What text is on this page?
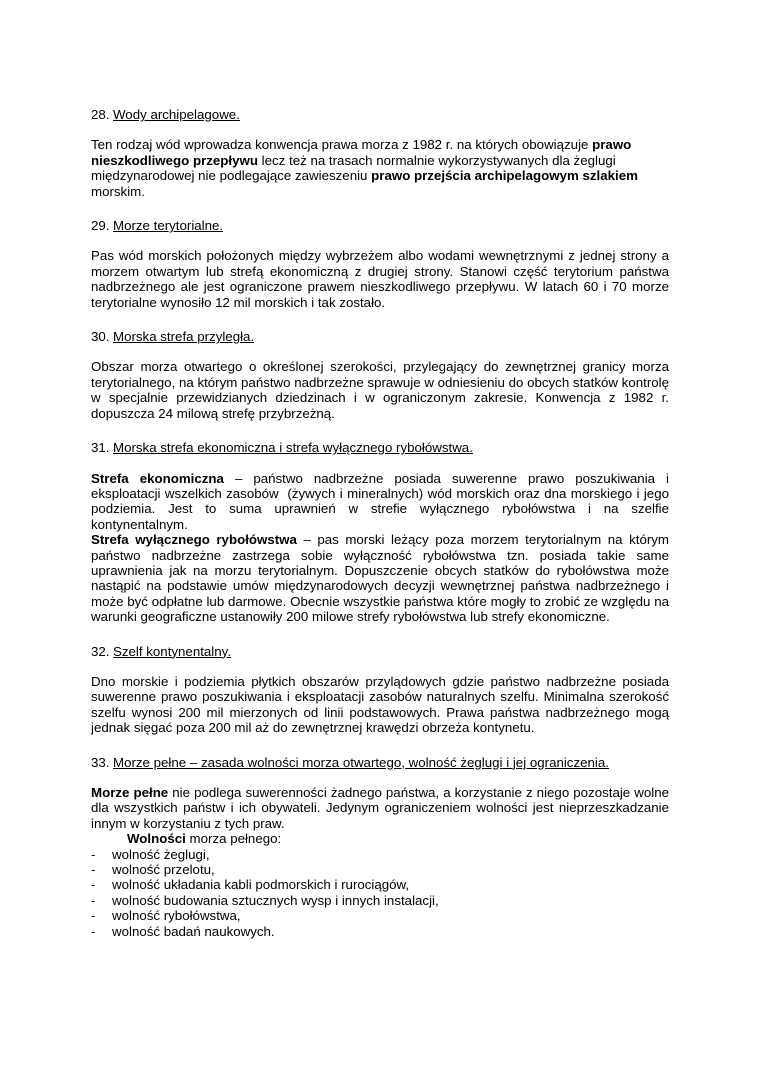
28. Wody archipelagowe.

Ten rodzaj wód wprowadza konwencja prawa morza z 1982 r. na których obowiązuje prawo nieszkodliwego przepływu lecz też na trasach normalnie wykorzystywanych dla żeglugi międzynarodowej nie podlegające zawieszeniu prawo przejścia archipelagowym szlakiem morskim.

29. Morze terytorialne.

Pas wód morskich położonych między wybrzeżem albo wodami wewnętrznymi z jednej strony a morzem otwartym lub strefą ekonomiczną z drugiej strony. Stanowi część terytorium państwa nadbrzeżnego ale jest ograniczone prawem nieszkodliwego przepływu. W latach 60 i 70 morze terytorialne wynosiło 12 mil morskich i tak zostało.

30. Morska strefa przyległa.

Obszar morza otwartego o określonej szerokości, przylegający do zewnętrznej granicy morza terytorialnego, na którym państwo nadbrzeżne sprawuje w odniesieniu do obcych statków kontrolę w specjalnie przewidzianych dziedzinach i w ograniczonym zakresie. Konwencja z 1982 r. dopuszcza 24 milową strefę przybrzeżną.

31. Morska strefa ekonomiczna i strefa wyłącznego rybołówstwa.

Strefa ekonomiczna – państwo nadbrzeżne posiada suwerenne prawo poszukiwania i eksploatacji wszelkich zasobów  (żywych i mineralnych) wód morskich oraz dna morskiego i jego podziemia. Jest to suma uprawnień w strefie wyłącznego rybołówstwa i na szelfie kontynentalnym.

Strefa wyłącznego rybołówstwa – pas morski leżący poza morzem terytorialnym na którym państwo nadbrzeżne zastrzega sobie wyłączność rybołówstwa tzn. posiada takie same uprawnienia jak na morzu terytorialnym. Dopuszczenie obcych statków do rybołówstwa może nastąpić na podstawie umów międzynarodowych decyzji wewnętrznej państwa nadbrzeżnego i może być odpłatne lub darmowe. Obecnie wszystkie państwa które mogły to zrobić ze względu na warunki geograficzne ustanowiły 200 milowe strefy rybołówstwa lub strefy ekonomiczne.

32. Szelf kontynentalny.

Dno morskie i podziemia płytkich obszarów przylądowych gdzie państwo nadbrzeżne posiada suwerenne prawo poszukiwania i eksploatacji zasobów naturalnych szelfu. Minimalna szerokość szelfu wynosi 200 mil mierzonych od linii podstawowych. Prawa państwa nadbrzeżnego mogą jednak sięgać poza 200 mil aż do zewnętrznej krawędzi obrzeża kontynetu.

33. Morze pełne – zasada wolności morza otwartego, wolność żeglugi i jej ograniczenia.

Morze pełne nie podlega suwerenności żadnego państwa, a korzystanie z niego pozostaje wolne dla wszystkich państw i ich obywateli. Jedynym ograniczeniem wolności jest nieprzeszkadzanie innym w korzystaniu z tych praw.

Wolności morza pełnego:

-	wolność żeglugi,
-	wolność przelotu,
-	wolność układania kabli podmorskich i rurociągów,
-	wolność budowania sztucznych wysp i innych instalacji,
-	wolność rybołówstwa,
-	wolność badań naukowych.
